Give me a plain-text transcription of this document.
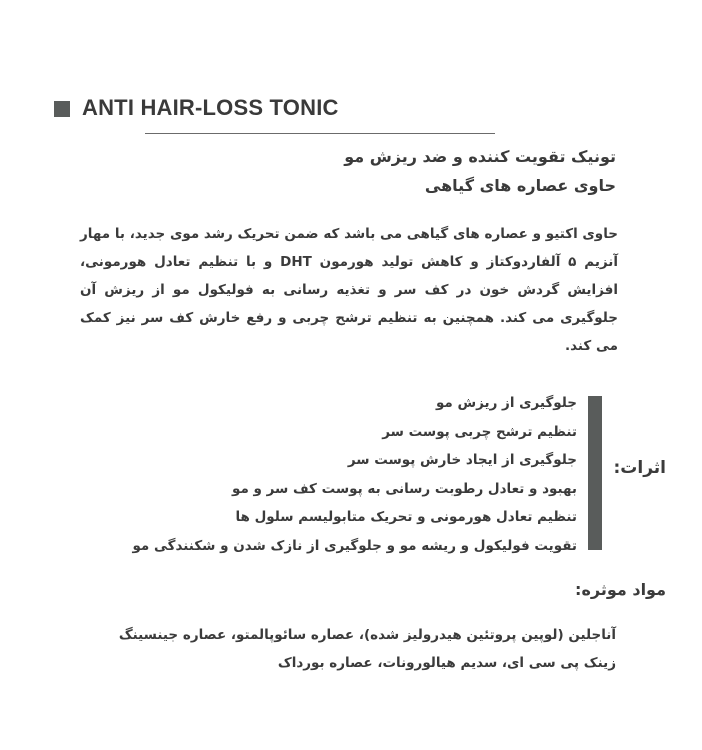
ANTI HAIR-LOSS TONIC
تونیک تقویت کننده و ضد ریزش مو
حاوی عصاره های گیاهی
حاوی اکتیو و عصاره های گیاهی می باشد که ضمن تحریک رشد موی جدید، با مهار آنزیم ۵ آلفاردوکتاز و کاهش تولید هورمون DHT و با تنظیم تعادل هورمونی، افزایش گردش خون در کف سر و تغذیه رسانی به فولیکول مو از ریزش آن جلوگیری می کند. همچنین به تنظیم ترشح چربی و رفع خارش کف سر نیز کمک می کند.
اثرات:
جلوگیری از ریزش مو
تنظیم ترشح چربی پوست سر
جلوگیری از ایجاد خارش پوست سر
بهبود و تعادل رطوبت رسانی به پوست کف سر و مو
تنظیم تعادل هورمونی و تحریک متابولیسم سلول ها
تقویت فولیکول و ریشه مو و جلوگیری از نازک شدن و شکنندگی مو
مواد موثره:
آناجلین (لوپین پروتئین هیدرولیز شده)، عصاره سائوپالمتو، عصاره جینسینگ
زینک پی سی ای، سدیم هیالورونات، عصاره بورداک
